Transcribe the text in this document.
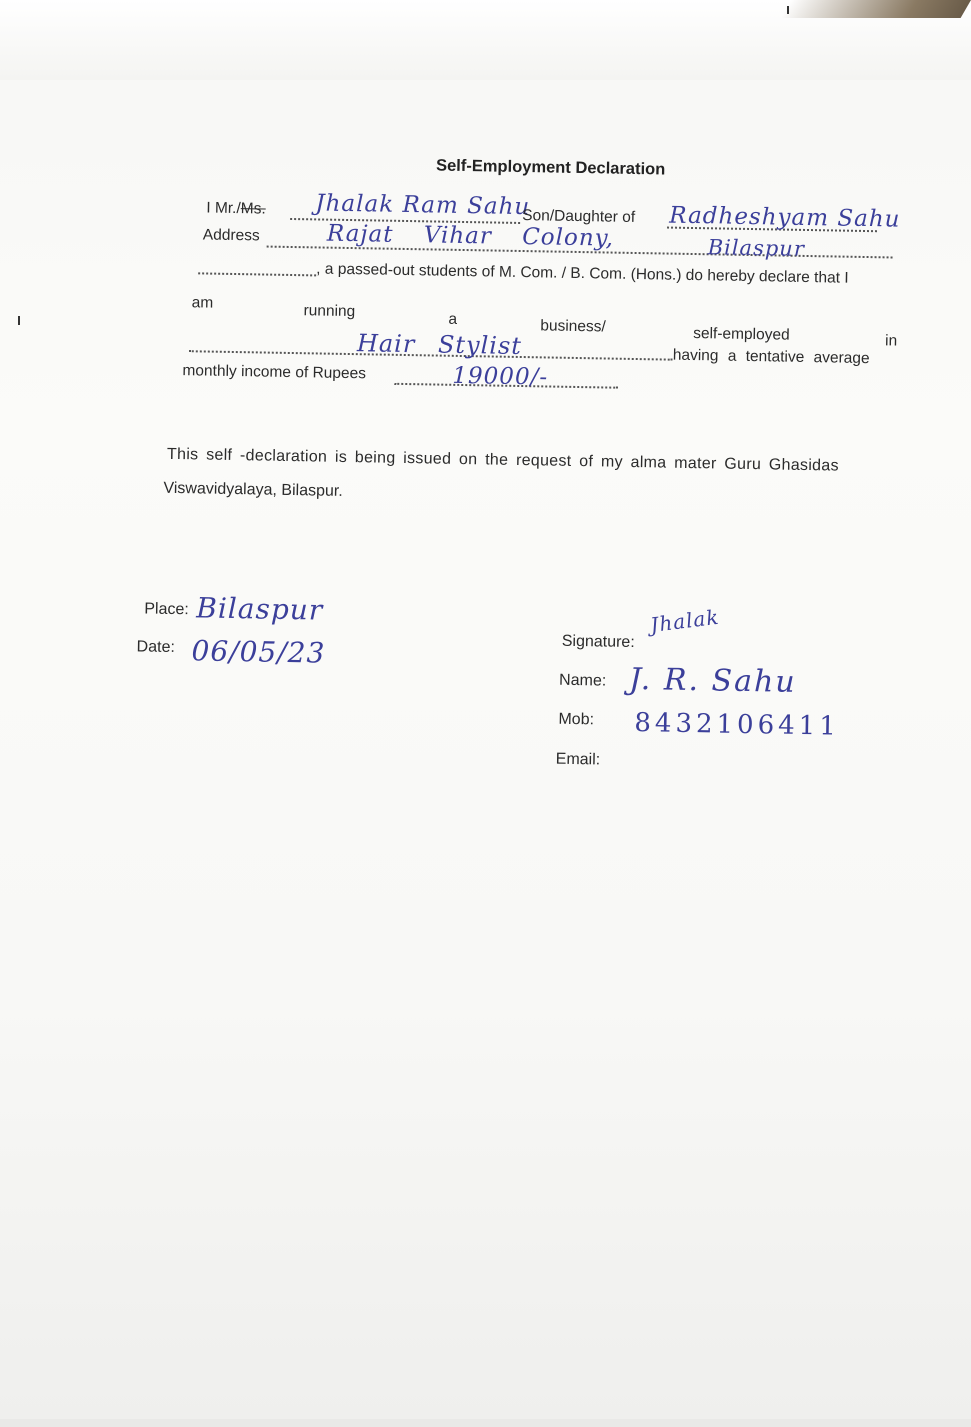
Self-Employment Declaration
I Mr./Ms. Jhalak Ram Sahu
Son/Daughter of Radheshyam Sahu
Address	Rajat Vihar Colony,	Bilaspur
, a passed-out students of M. Com. / B. Com. (Hons.) do hereby declare that I
am	running	a	business/	self-employed	in
Hair Stylist	having a tentative average
monthly income of Rupees	19000/-
This self -declaration is being issued on the request of my alma mater Guru Ghasidas
Viswavidyalaya, Bilaspur.
Place: Bilaspur
Date: 06/05/23	Signature:
Jhalak
Name: J. R. Sahu
Mob: 8432106411
Email:
